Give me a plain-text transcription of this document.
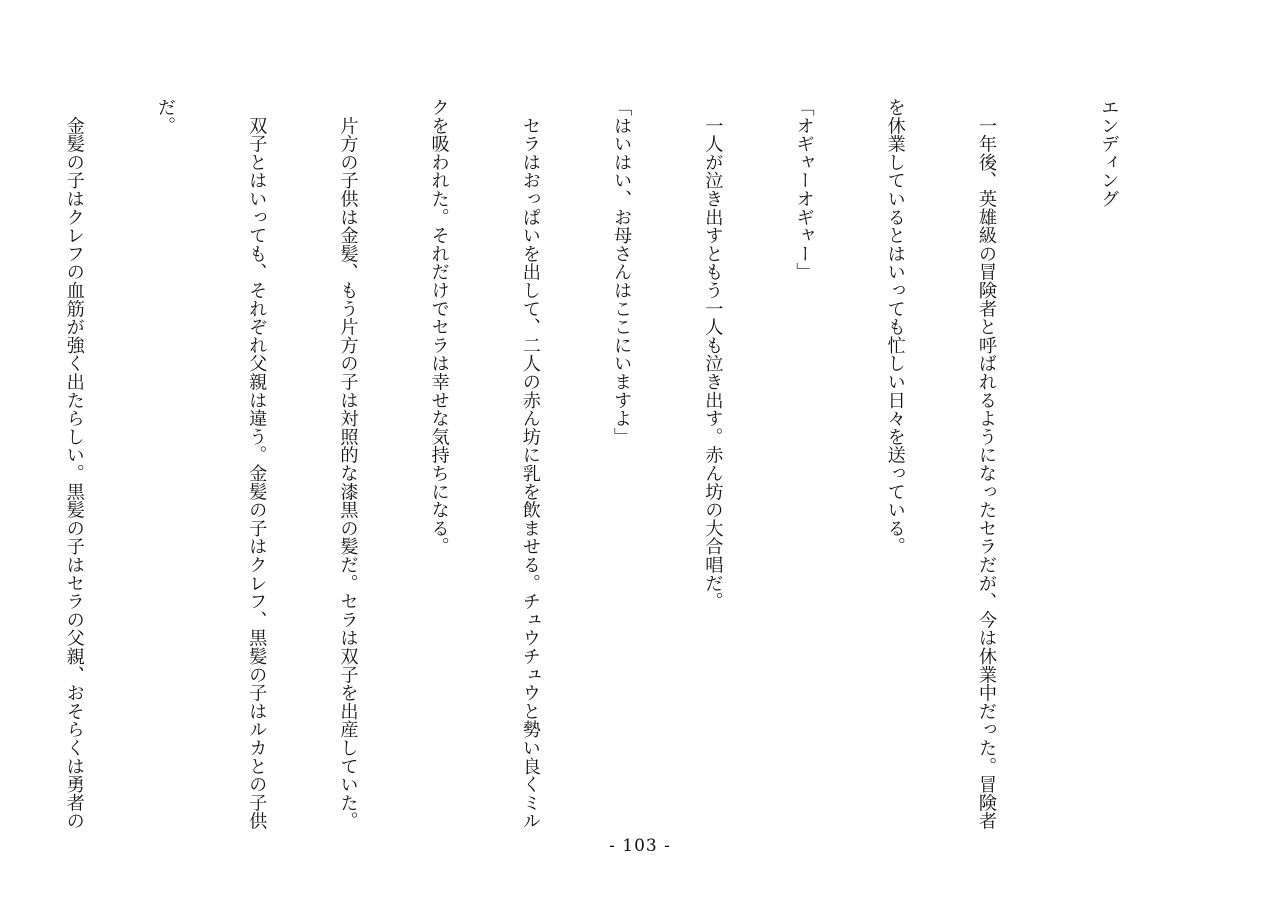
エンディング

　一年後、英雄級の冒険者と呼ばれるようになったセラだが、今は休業中だった。冒険者

を休業しているとはいっても忙しい日々を送っている。

「オギャーオギャー」

　一人が泣き出すともう一人も泣き出す。赤ん坊の大合唱だ。

「はいはい、お母さんはここにいますよ」

　セラはおっぱいを出して、二人の赤ん坊に乳を飲ませる。チュウチュウと勢い良くミル

クを吸われた。それだけでセラは幸せな気持ちになる。

　片方の子供は金髪、もう片方の子は対照的な漆黒の髪だ。セラは双子を出産していた。

　双子とはいっても、それぞれ父親は違う。金髪の子はクレフ、黒髪の子はルカとの子供

だ。

　金髪の子はクレフの血筋が強く出たらしい。黒髪の子はセラの父親、おそらくは勇者の

- 103 -
